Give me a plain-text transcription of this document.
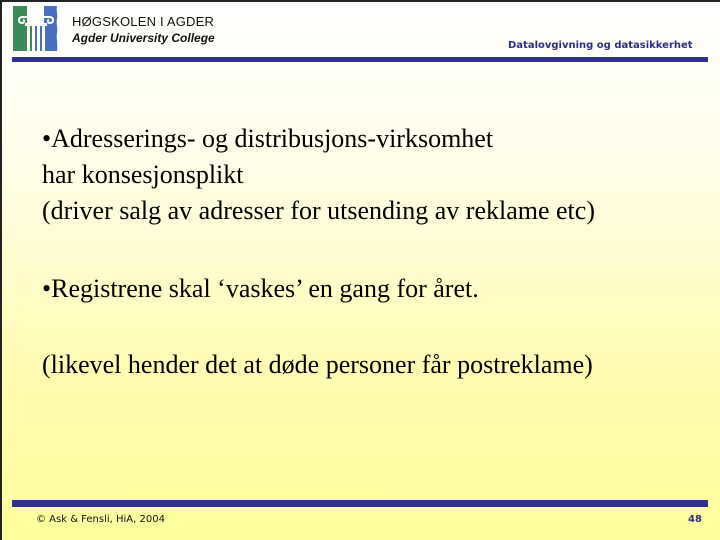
HØGSKOLEN I AGDER
Agder University College
Datalovgivning og datasikkerhet
•Adresserings- og distribusjons-virksomhet
har konsesjonsplikt
(driver salg av adresser for utsending av reklame etc)
•Registrene skal ‘vaskes’ en gang for året.
(likevel hender det at døde personer får postreklame)
© Ask & Fensli, HiA, 2004	48
